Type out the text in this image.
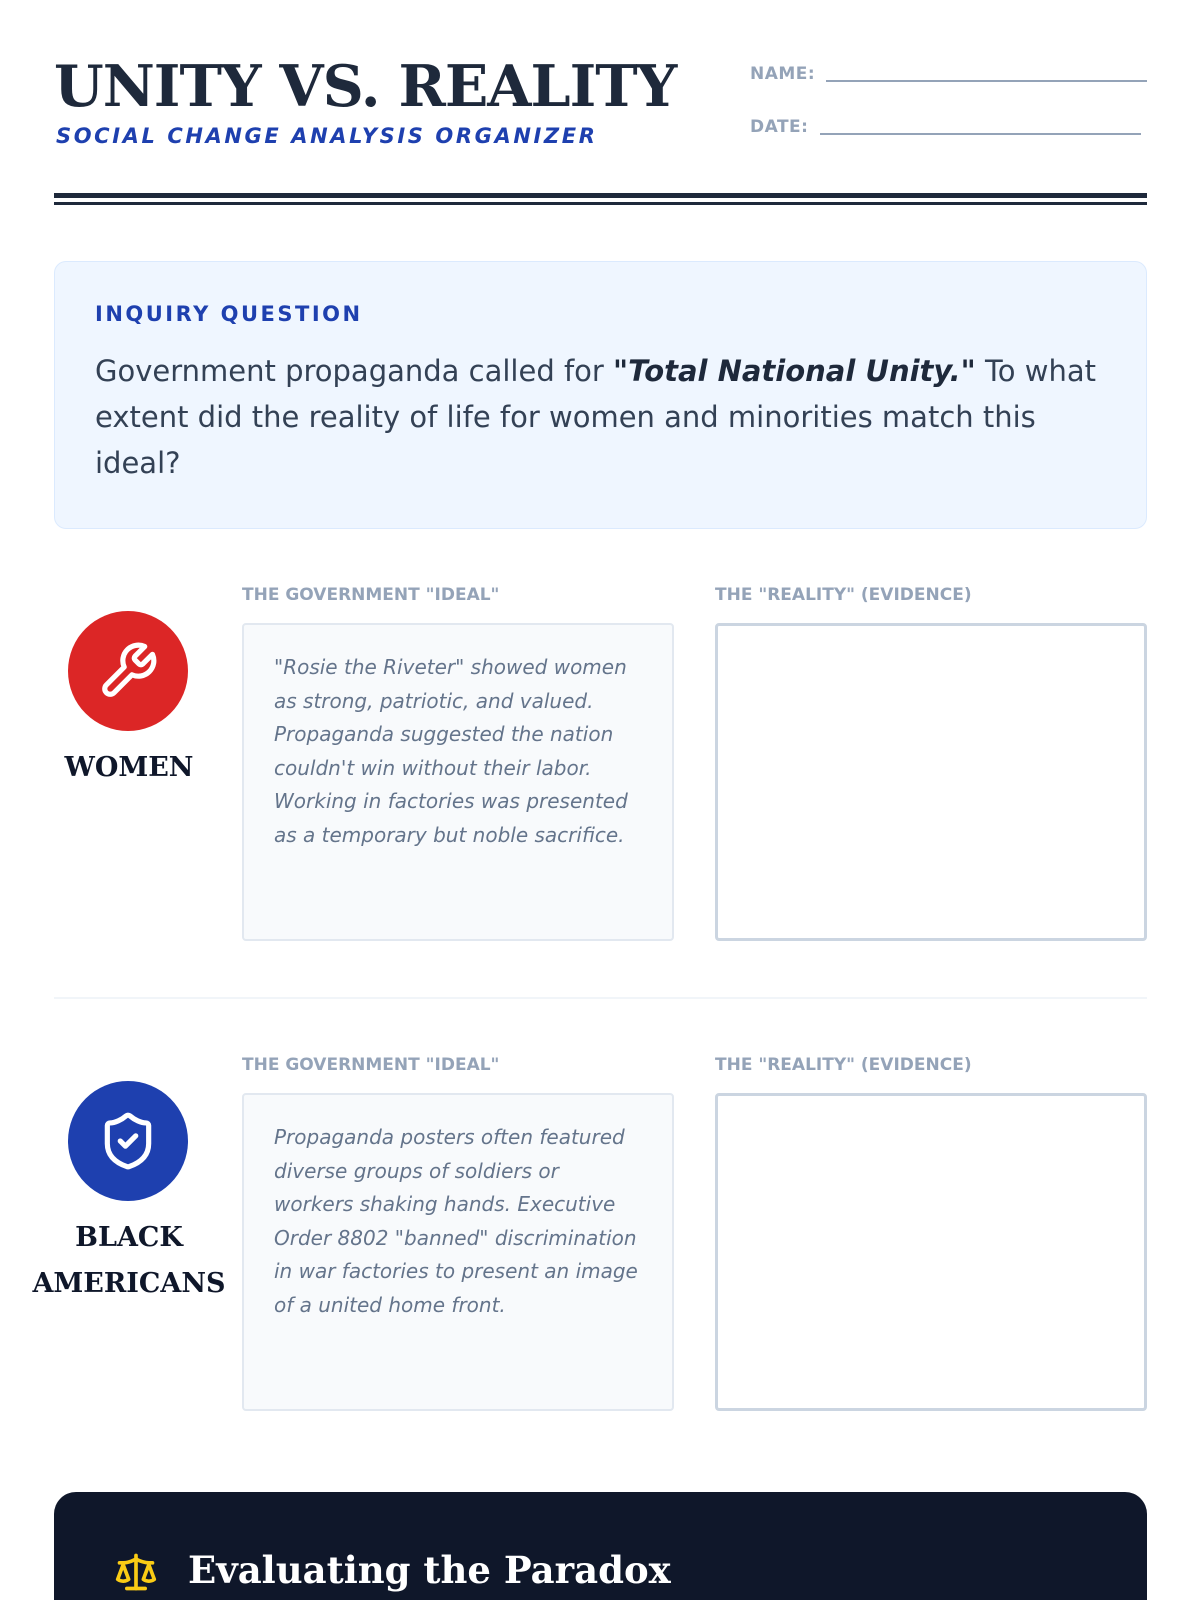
UNITY VS. REALITY
SOCIAL CHANGE ANALYSIS ORGANIZER
NAME:
DATE:
INQUIRY QUESTION
Government propaganda called for "Total National Unity." To what extent did the reality of life for women and minorities match this ideal?
THE GOVERNMENT "IDEAL"	THE "REALITY" (EVIDENCE)
WOMEN
"Rosie the Riveter" showed women as strong, patriotic, and valued. Propaganda suggested the nation couldn't win without their labor. Working in factories was presented as a temporary but noble sacrifice.
THE GOVERNMENT "IDEAL"	THE "REALITY" (EVIDENCE)
BLACK AMERICANS
Propaganda posters often featured diverse groups of soldiers or workers shaking hands. Executive Order 8802 "banned" discrimination in war factories to present an image of a united home front.
Evaluating the Paradox
